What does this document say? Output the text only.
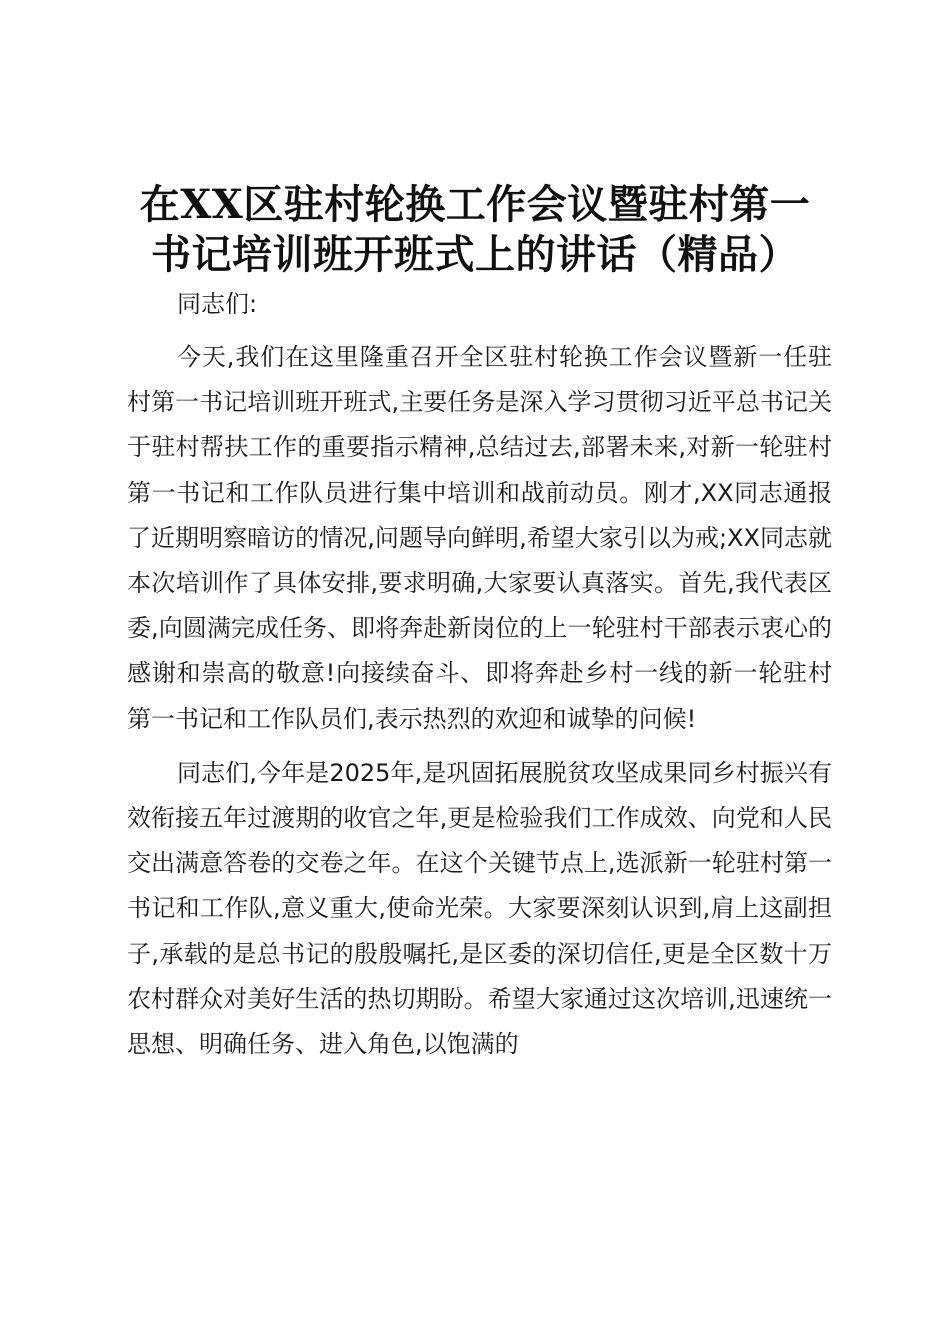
在XX区驻村轮换工作会议暨驻村第一书记培训班开班式上的讲话（精品）

同志们:

今天,我们在这里隆重召开全区驻村轮换工作会议暨新一任驻村第一书记培训班开班式,主要任务是深入学习贯彻习近平总书记关于驻村帮扶工作的重要指示精神,总结过去,部署未来,对新一轮驻村第一书记和工作队员进行集中培训和战前动员。刚才,XX同志通报了近期明察暗访的情况,问题导向鲜明,希望大家引以为戒;XX同志就本次培训作了具体安排,要求明确,大家要认真落实。首先,我代表区委,向圆满完成任务、即将奔赴新岗位的上一轮驻村干部表示衷心的感谢和崇高的敬意!向接续奋斗、即将奔赴乡村一线的新一轮驻村第一书记和工作队员们,表示热烈的欢迎和诚挚的问候!

同志们,今年是2025年,是巩固拓展脱贫攻坚成果同乡村振兴有效衔接五年过渡期的收官之年,更是检验我们工作成效、向党和人民交出满意答卷的交卷之年。在这个关键节点上,选派新一轮驻村第一书记和工作队,意义重大,使命光荣。大家要深刻认识到,肩上这副担子,承载的是总书记的殷殷嘱托,是区委的深切信任,更是全区数十万农村群众对美好生活的热切期盼。希望大家通过这次培训,迅速统一思想、明确任务、进入角色,以饱满的
